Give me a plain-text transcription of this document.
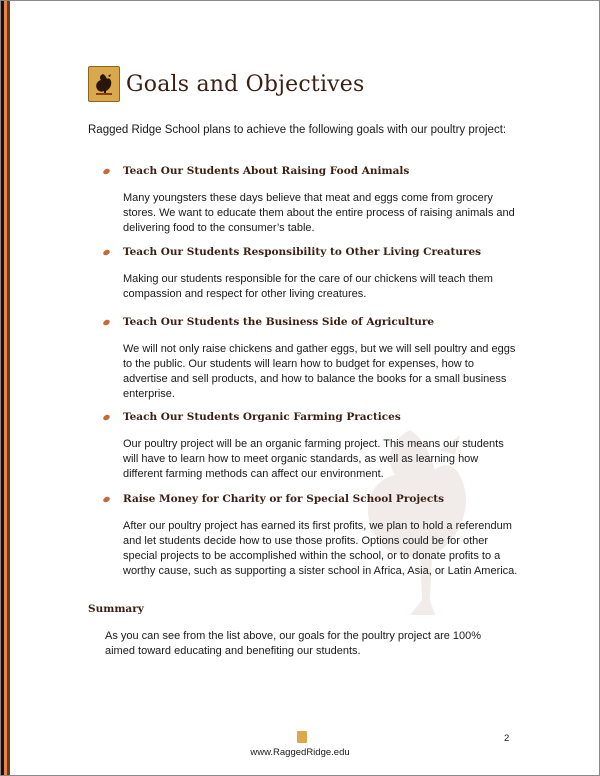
Goals and Objectives
Ragged Ridge School plans to achieve the following goals with our poultry project:
Teach Our Students About Raising Food Animals
Many youngsters these days believe that meat and eggs come from grocery stores. We want to educate them about the entire process of raising animals and delivering food to the consumer’s table.
Teach Our Students Responsibility to Other Living Creatures
Making our students responsible for the care of our chickens will teach them compassion and respect for other living creatures.
Teach Our Students the Business Side of Agriculture
We will not only raise chickens and gather eggs, but we will sell poultry and eggs to the public. Our students will learn how to budget for expenses, how to advertise and sell products, and how to balance the books for a small business enterprise.
Teach Our Students Organic Farming Practices
Our poultry project will be an organic farming project. This means our students will have to learn how to meet organic standards, as well as learning how different farming methods can affect our environment.
Raise Money for Charity or for Special School Projects
After our poultry project has earned its first profits, we plan to hold a referendum and let students decide how to use those profits. Options could be for other special projects to be accomplished within the school, or to donate profits to a worthy cause, such as supporting a sister school in Africa, Asia, or Latin America.
Summary
As you can see from the list above, our goals for the poultry project are 100% aimed toward educating and benefiting our students.
www.RaggedRidge.edu
2
